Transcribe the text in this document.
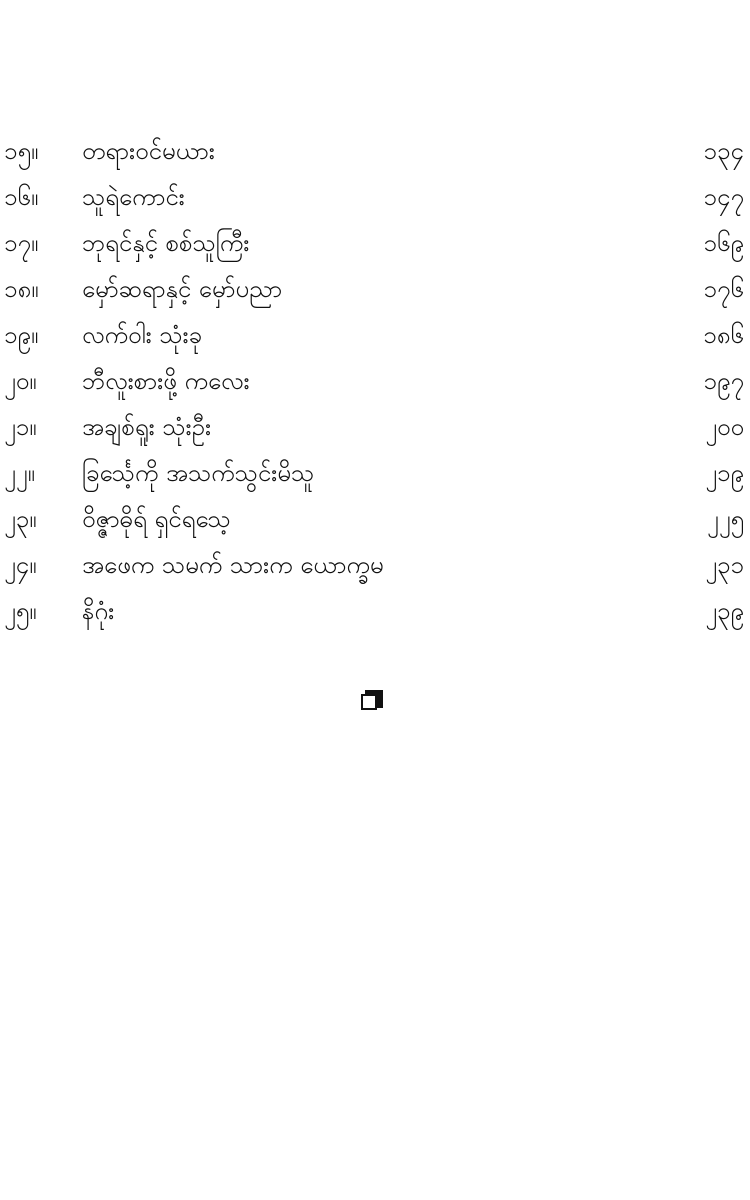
၁၅။ တရားဝင်မယား	၁၃၄
၁၆။ သူရဲကောင်း	၁၄၇
၁၇။ ဘုရင်နှင့် စစ်သူကြီး	၁၆၉
၁၈။ မှော်ဆရာနှင့် မှော်ပညာ	၁၇၆
၁၉။ လက်ဝါး သုံးခု	၁၈၆
၂၀။ ဘီလူးစားဖို့ ကလေး	၁၉၇
၂၁။ အချစ်ရူး သုံးဦး	၂၀၀
၂၂။ ခြင်္သေ့ကို အသက်သွင်းမိသူ	၂၁၉
၂၃။ ဝိဇ္ဇာဓိုရ် ရှင်ရသေ့	၂၂၅
၂၄။ အဖေက သမက် သားက ယောက္ခမ	၂၃၁
၂၅။ နိဂုံး	၂၃၉
